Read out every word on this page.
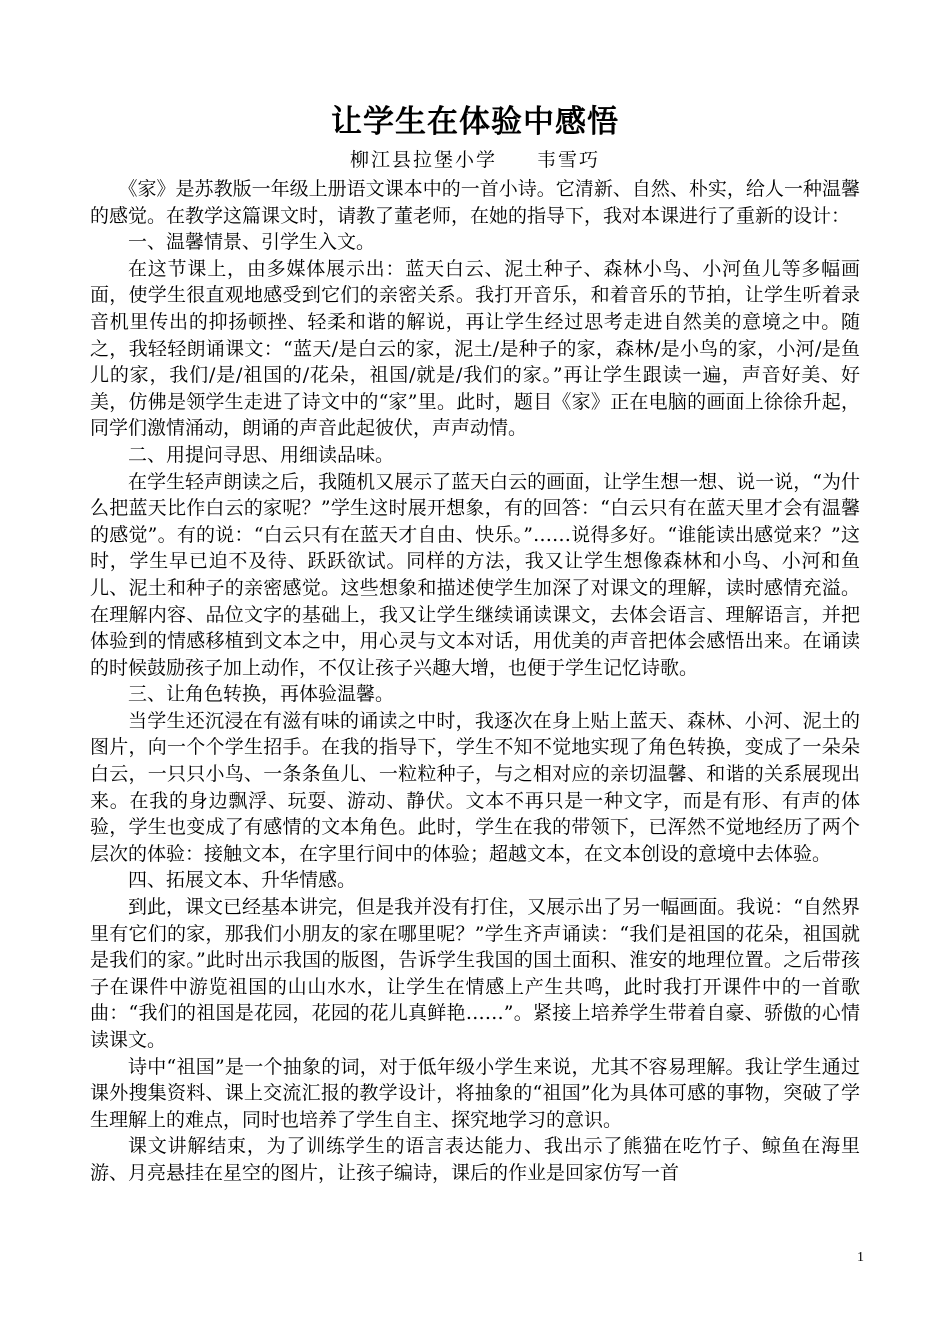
让学生在体验中感悟
柳江县拉堡小学 韦雪巧

《家》是苏教版一年级上册语文课本中的一首小诗。它清新、自然、朴实，给人一种温馨的感觉。在教学这篇课文时，请教了董老师，在她的指导下，我对本课进行了重新的设计：

一、温馨情景、引学生入文。

在这节课上，由多媒体展示出：蓝天白云、泥土种子、森林小鸟、小河鱼儿等多幅画面，使学生很直观地感受到它们的亲密关系。我打开音乐，和着音乐的节拍，让学生听着录音机里传出的抑扬顿挫、轻柔和谐的解说，再让学生经过思考走进自然美的意境之中。随之，我轻轻朗诵课文：“蓝天/是白云的家，泥土/是种子的家，森林/是小鸟的家，小河/是鱼儿的家，我们/是/祖国的/花朵，祖国/就是/我们的家。”再让学生跟读一遍，声音好美、好美，仿佛是领学生走进了诗文中的“家”里。此时，题目《家》正在电脑的画面上徐徐升起，同学们激情涌动，朗诵的声音此起彼伏，声声动情。

二、用提问寻思、用细读品味。

在学生轻声朗读之后，我随机又展示了蓝天白云的画面，让学生想一想、说一说，“为什么把蓝天比作白云的家呢？”学生这时展开想象，有的回答：“白云只有在蓝天里才会有温馨的感觉”。有的说：“白云只有在蓝天才自由、快乐。”……说得多好。“谁能读出感觉来？”这时，学生早已迫不及待、跃跃欲试。同样的方法，我又让学生想像森林和小鸟、小河和鱼儿、泥土和种子的亲密感觉。这些想象和描述使学生加深了对课文的理解，读时感情充溢。在理解内容、品位文字的基础上，我又让学生继续诵读课文，去体会语言、理解语言，并把体验到的情感移植到文本之中，用心灵与文本对话，用优美的声音把体会感悟出来。在诵读的时候鼓励孩子加上动作，不仅让孩子兴趣大增，也便于学生记忆诗歌。

三、让角色转换，再体验温馨。

当学生还沉浸在有滋有味的诵读之中时，我逐次在身上贴上蓝天、森林、小河、泥土的图片，向一个个学生招手。在我的指导下，学生不知不觉地实现了角色转换，变成了一朵朵白云，一只只小鸟、一条条鱼儿、一粒粒种子，与之相对应的亲切温馨、和谐的关系展现出来。在我的身边飘浮、玩耍、游动、静伏。文本不再只是一种文字，而是有形、有声的体验，学生也变成了有感情的文本角色。此时，学生在我的带领下，已浑然不觉地经历了两个层次的体验：接触文本，在字里行间中的体验；超越文本，在文本创设的意境中去体验。

四、拓展文本、升华情感。

到此，课文已经基本讲完，但是我并没有打住，又展示出了另一幅画面。我说：“自然界里有它们的家，那我们小朋友的家在哪里呢？”学生齐声诵读：“我们是祖国的花朵，祖国就是我们的家。”此时出示我国的版图，告诉学生我国的国土面积、淮安的地理位置。之后带孩子在课件中游览祖国的山山水水，让学生在情感上产生共鸣，此时我打开课件中的一首歌曲：“我们的祖国是花园，花园的花儿真鲜艳……”。紧接上培养学生带着自豪、骄傲的心情读课文。

诗中“祖国”是一个抽象的词，对于低年级小学生来说，尤其不容易理解。我让学生通过课外搜集资料、课上交流汇报的教学设计，将抽象的“祖国”化为具体可感的事物，突破了学生理解上的难点，同时也培养了学生自主、探究地学习的意识。

课文讲解结束，为了训练学生的语言表达能力、我出示了熊猫在吃竹子、鲸鱼在海里游、月亮悬挂在星空的图片，让孩子编诗，课后的作业是回家仿写一首

1
